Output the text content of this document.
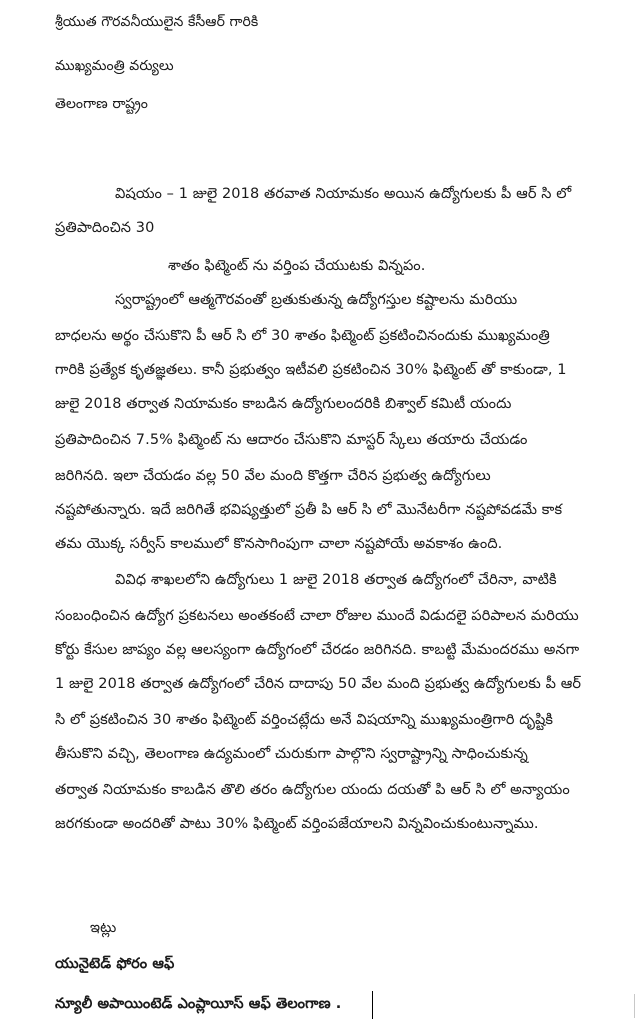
శ్రీయుత గౌరవనీయులైన కేసీఆర్ గారికి
ముఖ్యమంత్రి వర్యులు
తెలంగాణ రాష్ట్రం
విషయం – 1 జులై 2018 తరవాత నియామకం అయిన ఉద్యోగులకు పీ ఆర్ సి లో
ప్రతిపాదించిన 30
శాతం ఫిట్మెంట్ ను వర్తింప చేయుటకు విన్నపం.
స్వరాష్ట్రంలో ఆత్మగౌరవంతో బ్రతుకుతున్న ఉద్యోగస్తుల కష్టాలను మరియు
బాధలను అర్థం చేసుకొని పీ ఆర్ సి లో 30 శాతం ఫిట్మెంట్ ప్రకటించినందుకు ముఖ్యమంత్రి
గారికి ప్రత్యేక కృతజ్ఞతలు. కానీ ప్రభుత్వం ఇటీవలి ప్రకటించిన 30% ఫిట్మెంట్ తో కాకుండా, 1
జులై 2018 తర్వాత నియామకం కాబడిన ఉద్యోగులందరికి బిశ్వాల్ కమిటీ యందు
ప్రతిపాదించిన 7.5% ఫిట్మెంట్ ను ఆదారం చేసుకొని మాస్టర్ స్కేలు తయారు చేయడం
జరిగినది. ఇలా చేయడం వల్ల 50 వేల మంది కొత్తగా చేరిన ప్రభుత్వ ఉద్యోగులు
నష్టపోతున్నారు. ఇదే జరిగితే భవిష్యత్తులో ప్రతీ పి ఆర్ సి లో మొనేటరీగా నష్టపోవడమే కాక
తమ యొక్క సర్వీస్ కాలములో కొనసాగింపుగా చాలా నష్టపోయే అవకాశం ఉంది.
వివిధ శాఖలలోని ఉద్యోగులు 1 జులై 2018 తర్వాత ఉద్యోగంలో చేరినా, వాటికి
సంబంధించిన ఉద్యోగ ప్రకటనలు అంతకంటే చాలా రోజుల ముందే విడుదలై పరిపాలన మరియు
కోర్టు కేసుల జాప్యం వల్ల ఆలస్యంగా ఉద్యోగంలో చేరడం జరిగినది. కాబట్టి మేమందరము అనగా
1 జులై 2018 తర్వాత ఉద్యోగంలో చేరిన దాదాపు 50 వేల మంది ప్రభుత్వ ఉద్యోగులకు పీ ఆర్
సి లో ప్రకటించిన 30 శాతం ఫిట్మెంట్ వర్తించట్లేదు అనే విషయాన్ని ముఖ్యమంత్రిగారి దృష్టికి
తీసుకొని వచ్చి, తెలంగాణ ఉద్యమంలో చురుకుగా పాల్గొని స్వరాష్ట్రాన్ని సాధించుకున్న
తర్వాత నియామకం కాబడిన తొలి తరం ఉద్యోగుల యందు దయతో పి ఆర్ సి లో అన్యాయం
జరగకుండా అందరితో పాటు 30% ఫిట్మెంట్ వర్తింపజేయాలని విన్నవించుకుంటున్నాము.
ఇట్లు
యునైటెడ్ ఫోరం ఆఫ్
న్యూలీ అపాయింటెడ్ ఎంప్లాయీస్ ఆఫ్ తెలంగాణ .
